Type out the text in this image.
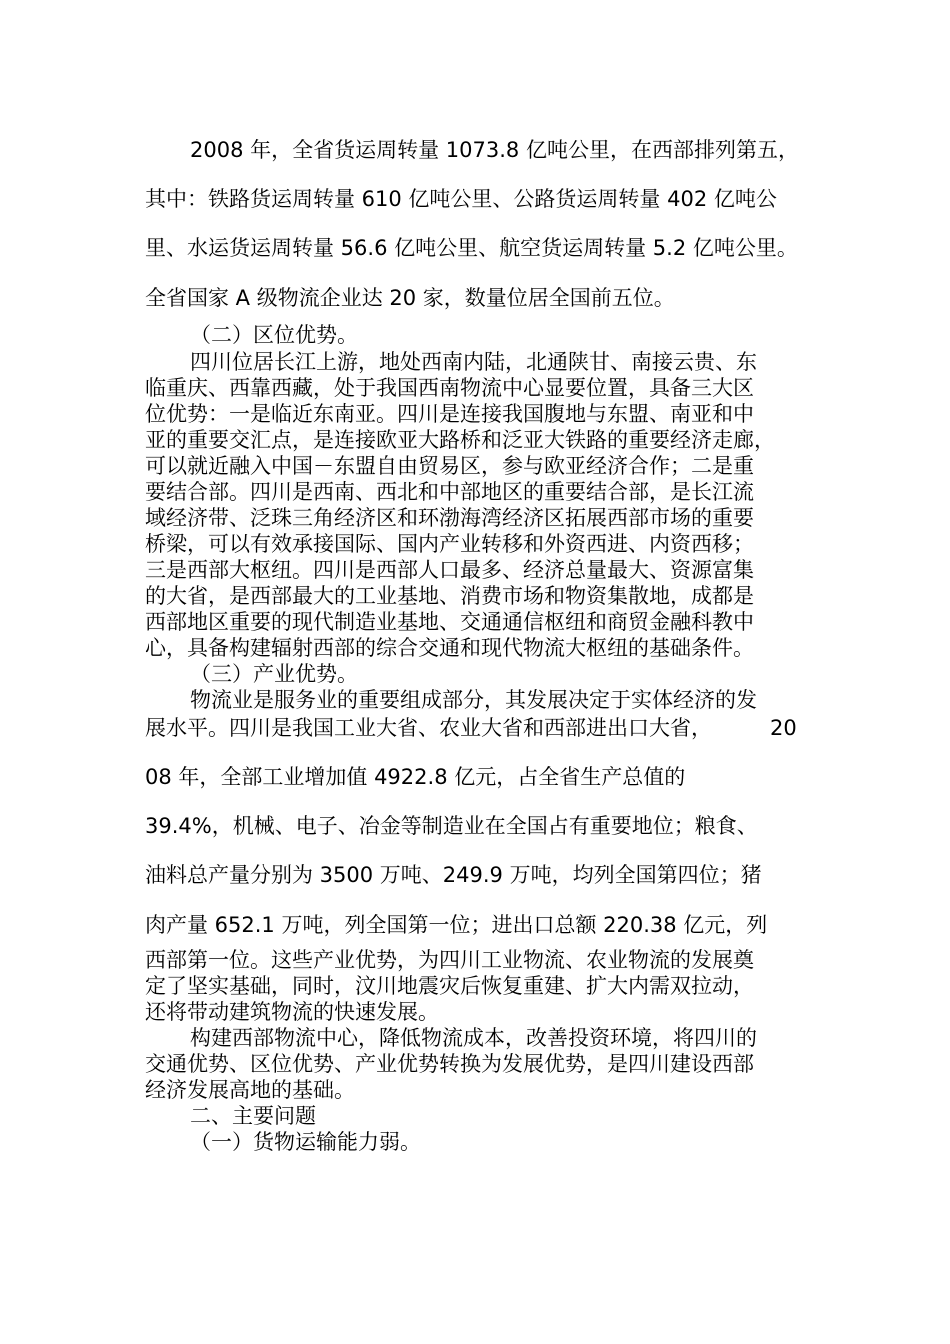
2008 年，全省货运周转量 1073.8 亿吨公里，在西部排列第五，
其中：铁路货运周转量 610 亿吨公里、公路货运周转量 402 亿吨公
里、水运货运周转量 56.6 亿吨公里、航空货运周转量 5.2 亿吨公里。
全省国家 A 级物流企业达 20 家，数量位居全国前五位。
（二）区位优势。
四川位居长江上游，地处西南内陆，北通陕甘、南接云贵、东
临重庆、西靠西藏，处于我国西南物流中心显要位置，具备三大区
位优势：一是临近东南亚。四川是连接我国腹地与东盟、南亚和中
亚的重要交汇点，是连接欧亚大路桥和泛亚大铁路的重要经济走廊，
可以就近融入中国－东盟自由贸易区，参与欧亚经济合作；二是重
要结合部。四川是西南、西北和中部地区的重要结合部，是长江流
域经济带、泛珠三角经济区和环渤海湾经济区拓展西部市场的重要
桥梁，可以有效承接国际、国内产业转移和外资西进、内资西移；
三是西部大枢纽。四川是西部人口最多、经济总量最大、资源富集
的大省，是西部最大的工业基地、消费市场和物资集散地，成都是
西部地区重要的现代制造业基地、交通通信枢纽和商贸金融科教中
心，具备构建辐射西部的综合交通和现代物流大枢纽的基础条件。
（三）产业优势。
物流业是服务业的重要组成部分，其发展决定于实体经济的发
展水平。四川是我国工业大省、农业大省和西部进出口大省，	20
08 年，全部工业增加值 4922.8 亿元，占全省生产总值的
39.4%，机械、电子、冶金等制造业在全国占有重要地位；粮食、
油料总产量分别为 3500 万吨、249.9 万吨，均列全国第四位；猪
肉产量 652.1 万吨，列全国第一位；进出口总额 220.38 亿元，列
西部第一位。这些产业优势，为四川工业物流、农业物流的发展奠
定了坚实基础，同时，汶川地震灾后恢复重建、扩大内需双拉动，
还将带动建筑物流的快速发展。
构建西部物流中心，降低物流成本，改善投资环境，将四川的
交通优势、区位优势、产业优势转换为发展优势，是四川建设西部
经济发展高地的基础。
二、主要问题
（一）货物运输能力弱。
